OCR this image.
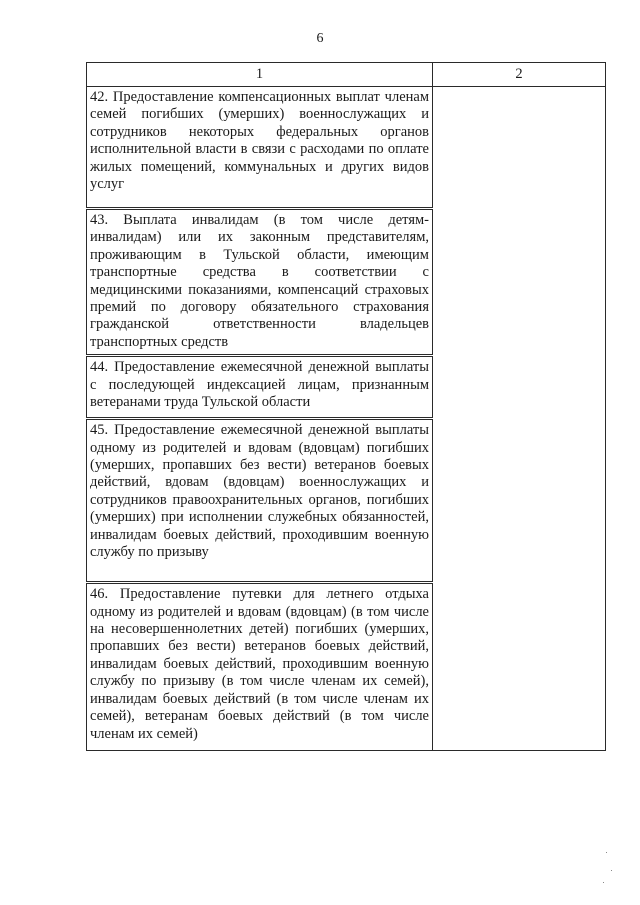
6
1	2
42. Предоставление компенсационных выплат членам семей погибших (умерших) военнослужащих и сотрудников некоторых федеральных органов исполнительной власти в связи с расходами по оплате жилых помещений, коммунальных и других видов услуг	
43. Выплата инвалидам (в том числе детям-инвалидам) или их законным представителям, проживающим в Тульской области, имеющим транспортные средства в соответствии с медицинскими показаниями, компенсаций страховых премий по договору обязательного страхования гражданской ответственности владельцев транспортных средств	
44. Предоставление ежемесячной денежной выплаты с последующей индексацией лицам, признанным ветеранами труда Тульской области	
45. Предоставление ежемесячной денежной выплаты одному из родителей и вдовам (вдовцам) погибших (умерших, пропавших без вести) ветеранов боевых действий, вдовам (вдовцам) военнослужащих и сотрудников правоохранительных органов, погибших (умерших) при исполнении служебных обязанностей, инвалидам боевых действий, проходившим военную службу по призыву	
46. Предоставление путевки для летнего отдыха одному из родителей и вдовам (вдовцам) (в том числе на несовершеннолетних детей) погибших (умерших, пропавших без вести) ветеранов боевых действий, инвалидам боевых действий, проходившим военную службу по призыву (в том числе членам их семей), инвалидам боевых действий (в том числе членам их семей), ветеранам боевых действий (в том числе членам их семей)	
